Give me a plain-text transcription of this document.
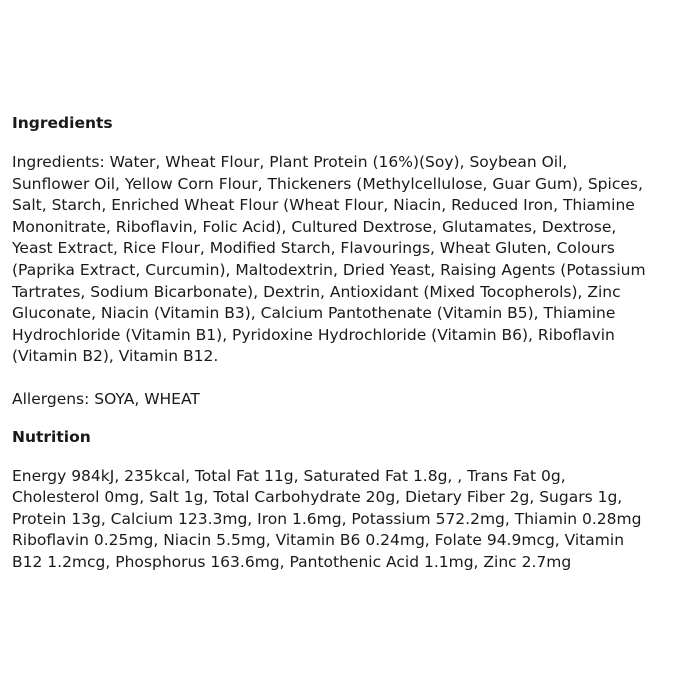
Ingredients

Ingredients: Water, Wheat Flour, Plant Protein (16%)(Soy), Soybean Oil,
Sunflower Oil, Yellow Corn Flour, Thickeners (Methylcellulose, Guar Gum), Spices,
Salt, Starch, Enriched Wheat Flour (Wheat Flour, Niacin, Reduced Iron, Thiamine
Mononitrate, Riboflavin, Folic Acid), Cultured Dextrose, Glutamates, Dextrose,
Yeast Extract, Rice Flour, Modified Starch, Flavourings, Wheat Gluten, Colours
(Paprika Extract, Curcumin), Maltodextrin, Dried Yeast, Raising Agents (Potassium
Tartrates, Sodium Bicarbonate), Dextrin, Antioxidant (Mixed Tocopherols), Zinc
Gluconate, Niacin (Vitamin B3), Calcium Pantothenate (Vitamin B5), Thiamine
Hydrochloride (Vitamin B1), Pyridoxine Hydrochloride (Vitamin B6), Riboflavin
(Vitamin B2), Vitamin B12.

Allergens: SOYA, WHEAT

Nutrition

Energy 984kJ, 235kcal, Total Fat 11g, Saturated Fat 1.8g, , Trans Fat 0g,
Cholesterol 0mg, Salt 1g, Total Carbohydrate 20g, Dietary Fiber 2g, Sugars 1g,
Protein 13g, Calcium 123.3mg, Iron 1.6mg, Potassium 572.2mg, Thiamin 0.28mg
Riboflavin 0.25mg, Niacin 5.5mg, Vitamin B6 0.24mg, Folate 94.9mcg, Vitamin
B12 1.2mcg, Phosphorus 163.6mg, Pantothenic Acid 1.1mg, Zinc 2.7mg
